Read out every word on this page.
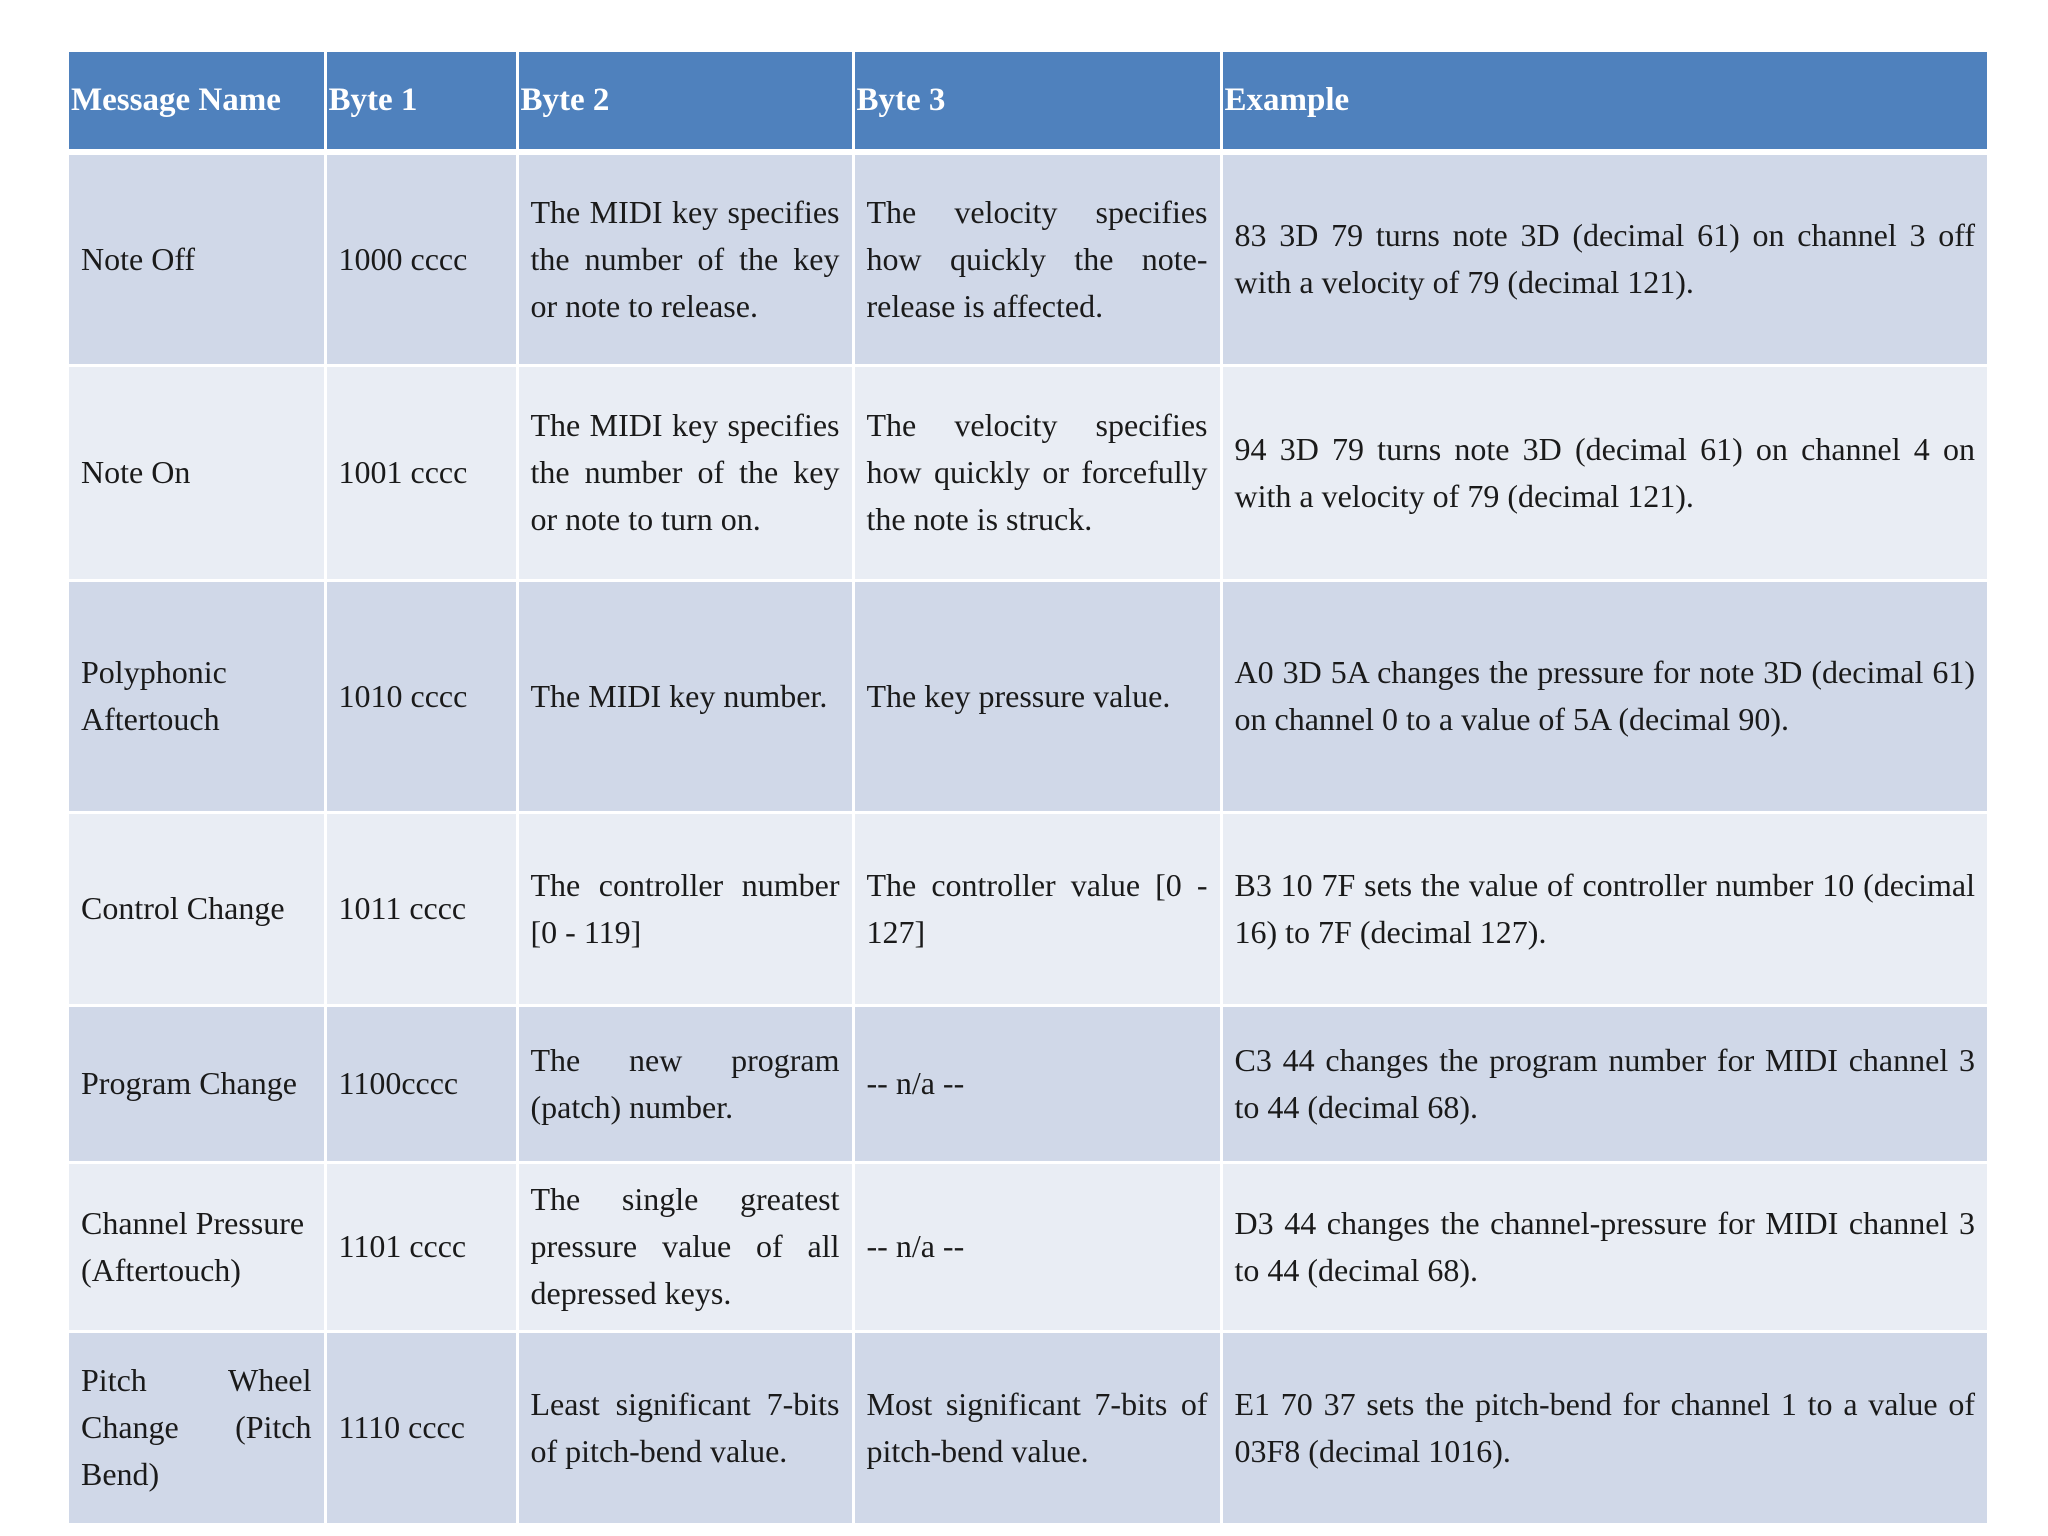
Message Name	Byte 1	Byte 2	Byte 3	Example
Note Off	1000 cccc	The MIDI key specifies the number of the key or note to release.	The velocity specifies how quickly the note-release is affected.	83 3D 79 turns note 3D (decimal 61) on channel 3 off with a velocity of 79 (decimal 121).
Note On	1001 cccc	The MIDI key specifies the number of the key or note to turn on.	The velocity specifies how quickly or forcefully the note is struck.	94 3D 79 turns note 3D (decimal 61) on channel 4 on with a velocity of 79 (decimal 121).
Polyphonic Aftertouch	1010 cccc	The MIDI key number.	The key pressure value.	A0 3D 5A changes the pressure for note 3D (decimal 61) on channel 0 to a value of 5A (decimal 90).
Control Change	1011 cccc	The controller number [0 - 119]	The controller value [0 - 127]	B3 10 7F sets the value of controller number 10 (decimal 16) to 7F (decimal 127).
Program Change	1100cccc	The new program (patch) number.	-- n/a --	C3 44 changes the program number for MIDI channel 3 to 44 (decimal 68).
Channel Pressure (Aftertouch)	1101 cccc	The single greatest pressure value of all depressed keys.	-- n/a --	D3 44 changes the channel-pressure for MIDI channel 3 to 44 (decimal 68).
Pitch Wheel Change (Pitch Bend)	1110 cccc	Least significant 7-bits of pitch-bend value.	Most significant 7-bits of pitch-bend value.	E1 70 37 sets the pitch-bend for channel 1 to a value of 03F8 (decimal 1016).
